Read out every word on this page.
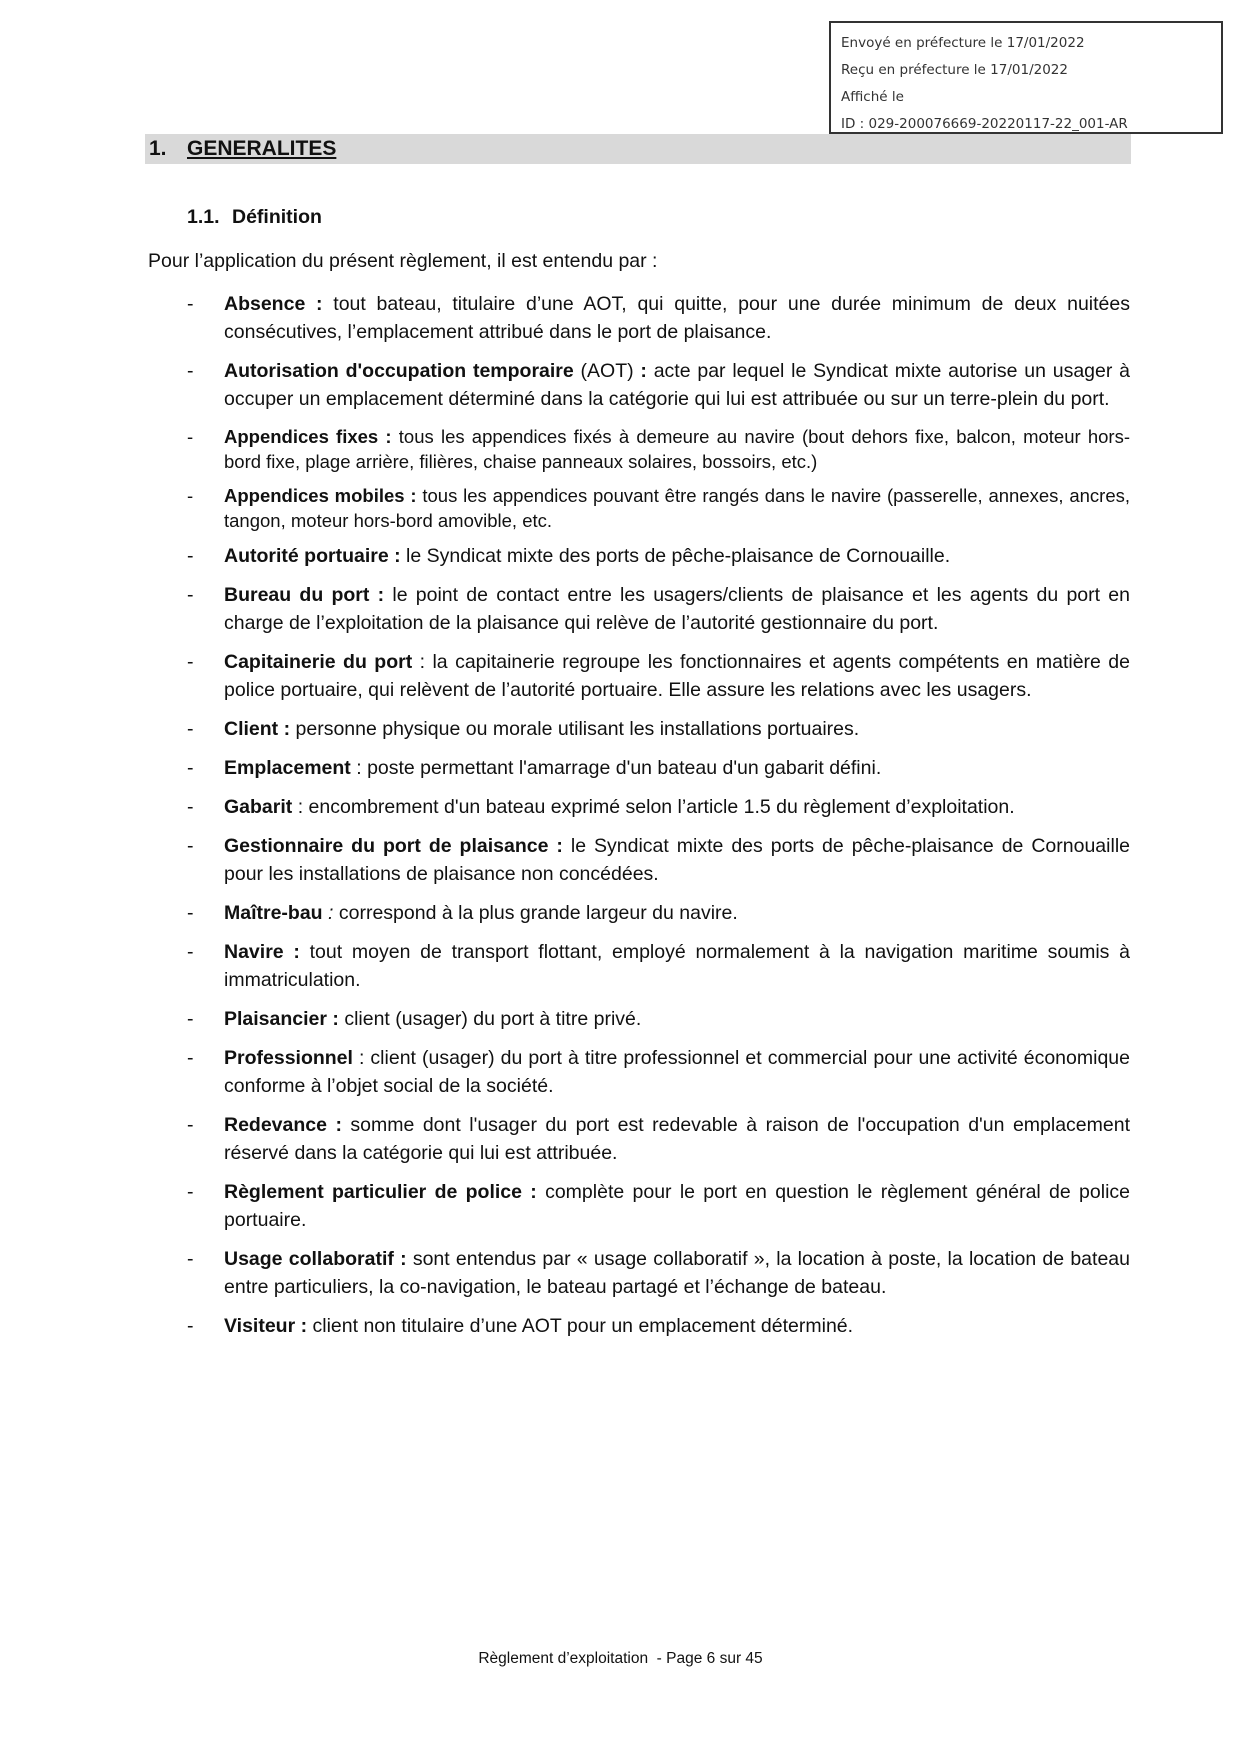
Envoyé en préfecture le 17/01/2022
Reçu en préfecture le 17/01/2022
Affiché le
ID : 029-200076669-20220117-22_001-AR
1. GENERALITES
1.1. Définition
Pour l’application du présent règlement, il est entendu par :
- Absence : tout bateau, titulaire d’une AOT, qui quitte, pour une durée minimum de deux nuitées consécutives, l’emplacement attribué dans le port de plaisance.
- Autorisation d'occupation temporaire (AOT) : acte par lequel le Syndicat mixte autorise un usager à occuper un emplacement déterminé dans la catégorie qui lui est attribuée ou sur un terre-plein du port.
- Appendices fixes : tous les appendices fixés à demeure au navire (bout dehors fixe, balcon, moteur hors-bord fixe, plage arrière, filières, chaise panneaux solaires, bossoirs, etc.)
- Appendices mobiles : tous les appendices pouvant être rangés dans le navire (passerelle, annexes, ancres, tangon, moteur hors-bord amovible, etc.
- Autorité portuaire : le Syndicat mixte des ports de pêche-plaisance de Cornouaille.
- Bureau du port : le point de contact entre les usagers/clients de plaisance et les agents du port en charge de l’exploitation de la plaisance qui relève de l’autorité gestionnaire du port.
- Capitainerie du port : la capitainerie regroupe les fonctionnaires et agents compétents en matière de police portuaire, qui relèvent de l’autorité portuaire. Elle assure les relations avec les usagers.
- Client : personne physique ou morale utilisant les installations portuaires.
- Emplacement : poste permettant l'amarrage d'un bateau d'un gabarit défini.
- Gabarit : encombrement d'un bateau exprimé selon l’article 1.5 du règlement d’exploitation.
- Gestionnaire du port de plaisance : le Syndicat mixte des ports de pêche-plaisance de Cornouaille pour les installations de plaisance non concédées.
- Maître-bau : correspond à la plus grande largeur du navire.
- Navire : tout moyen de transport flottant, employé normalement à la navigation maritime soumis à immatriculation.
- Plaisancier : client (usager) du port à titre privé.
- Professionnel : client (usager) du port à titre professionnel et commercial pour une activité économique conforme à l’objet social de la société.
- Redevance : somme dont l'usager du port est redevable à raison de l'occupation d'un emplacement réservé dans la catégorie qui lui est attribuée.
- Règlement particulier de police : complète pour le port en question le règlement général de police portuaire.
- Usage collaboratif : sont entendus par « usage collaboratif », la location à poste, la location de bateau entre particuliers, la co-navigation, le bateau partagé et l’échange de bateau.
- Visiteur : client non titulaire d’une AOT pour un emplacement déterminé.
Règlement d’exploitation  - Page 6 sur 45
